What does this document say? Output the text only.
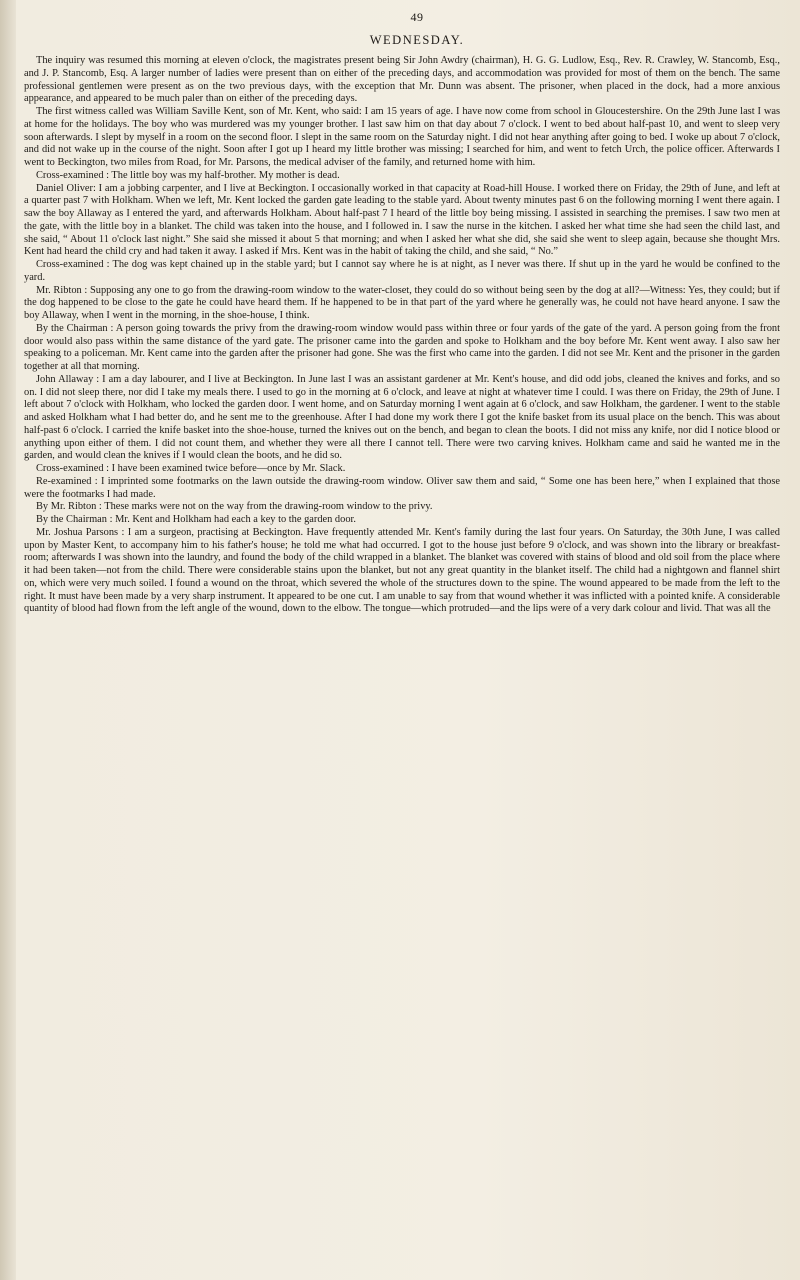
49
WEDNESDAY.

The inquiry was resumed this morning at eleven o'clock, the magistrates present being Sir John Awdry (chairman), H. G. G. Ludlow, Esq., Rev. R. Crawley, W. Stancomb, Esq., and J. P. Stancomb, Esq. A larger number of ladies were present than on either of the preceding days, and accommodation was provided for most of them on the bench. The same professional gentlemen were present as on the two previous days, with the exception that Mr. Dunn was absent. The prisoner, when placed in the dock, had a more anxious appearance, and appeared to be much paler than on either of the preceding days.

The first witness called was William Saville Kent, son of Mr. Kent, who said: I am 15 years of age. I have now come from school in Gloucestershire. On the 29th June last I was at home for the holidays. The boy who was murdered was my younger brother. I last saw him on that day about 7 o'clock. I went to bed about half-past 10, and went to sleep very soon afterwards. I slept by myself in a room on the second floor. I slept in the same room on the Saturday night. I did not hear anything after going to bed. I woke up about 7 o'clock, and did not wake up in the course of the night. Soon after I got up I heard my little brother was missing; I searched for him, and went to fetch Urch, the police officer. Afterwards I went to Beckington, two miles from Road, for Mr. Parsons, the medical adviser of the family, and returned home with him.

Cross-examined : The little boy was my half-brother. My mother is dead.

Daniel Oliver: I am a jobbing carpenter, and I live at Beckington. I occasionally worked in that capacity at Road-hill House. I worked there on Friday, the 29th of June, and left at a quarter past 7 with Holkham. When we left, Mr. Kent locked the garden gate leading to the stable yard. About twenty minutes past 6 on the following morning I went there again. I saw the boy Allaway as I entered the yard, and afterwards Holkham. About half-past 7 I heard of the little boy being missing. I assisted in searching the premises. I saw two men at the gate, with the little boy in a blanket. The child was taken into the house, and I followed in. I saw the nurse in the kitchen. I asked her what time she had seen the child last, and she said, “ About 11 o'clock last night.” She said she missed it about 5 that morning; and when I asked her what she did, she said she went to sleep again, because she thought Mrs. Kent had heard the child cry and had taken it away. I asked if Mrs. Kent was in the habit of taking the child, and she said, “ No.”

Cross-examined : The dog was kept chained up in the stable yard; but I cannot say where he is at night, as I never was there. If shut up in the yard he would be confined to the yard.

Mr. Ribton : Supposing any one to go from the drawing-room window to the water-closet, they could do so without being seen by the dog at all?—Witness: Yes, they could; but if the dog happened to be close to the gate he could have heard them. If he happened to be in that part of the yard where he generally was, he could not have heard anyone. I saw the boy Allaway, when I went in the morning, in the shoe-house, I think.

By the Chairman : A person going towards the privy from the drawing-room window would pass within three or four yards of the gate of the yard. A person going from the front door would also pass within the same distance of the yard gate. The prisoner came into the garden and spoke to Holkham and the boy before Mr. Kent went away. I also saw her speaking to a policeman. Mr. Kent came into the garden after the prisoner had gone. She was the first who came into the garden. I did not see Mr. Kent and the prisoner in the garden together at all that morning.

John Allaway : I am a day labourer, and I live at Beckington. In June last I was an assistant gardener at Mr. Kent's house, and did odd jobs, cleaned the knives and forks, and so on. I did not sleep there, nor did I take my meals there. I used to go in the morning at 6 o'clock, and leave at night at whatever time I could. I was there on Friday, the 29th of June. I left about 7 o'clock with Holkham, who locked the garden door. I went home, and on Saturday morning I went again at 6 o'clock, and saw Holkham, the gardener. I went to the stable and asked Holkham what I had better do, and he sent me to the greenhouse. After I had done my work there I got the knife basket from its usual place on the bench. This was about half-past 6 o'clock. I carried the knife basket into the shoe-house, turned the knives out on the bench, and began to clean the boots. I did not miss any knife, nor did I notice blood or anything upon either of them. I did not count them, and whether they were all there I cannot tell. There were two carving knives. Holkham came and said he wanted me in the garden, and would clean the knives if I would clean the boots, and he did so.

Cross-examined : I have been examined twice before—once by Mr. Slack.

Re-examined : I imprinted some footmarks on the lawn outside the drawing-room window. Oliver saw them and said, “ Some one has been here,” when I explained that those were the footmarks I had made.

By Mr. Ribton : These marks were not on the way from the drawing-room window to the privy.

By the Chairman : Mr. Kent and Holkham had each a key to the garden door.

Mr. Joshua Parsons : I am a surgeon, practising at Beckington. Have frequently attended Mr. Kent's family during the last four years. On Saturday, the 30th June, I was called upon by Master Kent, to accompany him to his father's house; he told me what had occurred. I got to the house just before 9 o'clock, and was shown into the library or breakfast-room; afterwards I was shown into the laundry, and found the body of the child wrapped in a blanket. The blanket was covered with stains of blood and old soil from the place where it had been taken—not from the child. There were considerable stains upon the blanket, but not any great quantity in the blanket itself. The child had a nightgown and flannel shirt on, which were very much soiled. I found a wound on the throat, which severed the whole of the structures down to the spine. The wound appeared to be made from the left to the right. It must have been made by a very sharp instrument. It appeared to be one cut. I am unable to say from that wound whether it was inflicted with a pointed knife. A considerable quantity of blood had flown from the left angle of the wound, down to the elbow. The tongue—which protruded—and the lips were of a very dark colour and livid. That was all the
